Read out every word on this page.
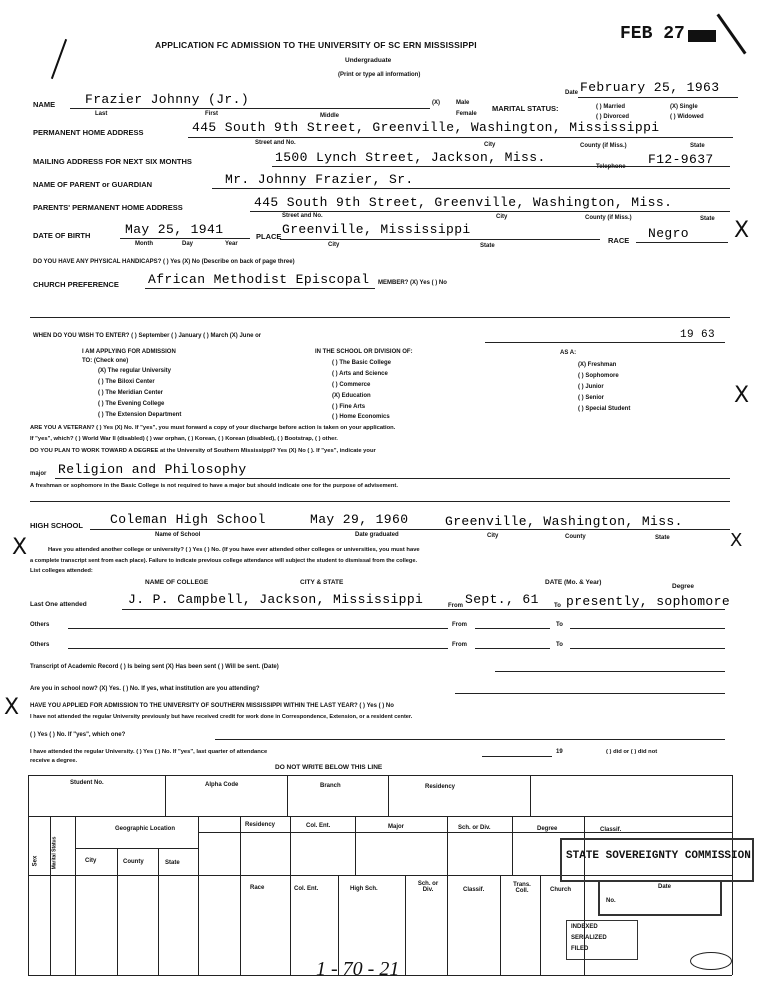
APPLICATION FC ADMISSION TO THE UNIVERSITY OF SC ERN MISSISSIPPI
Undergraduate
(Print or type all information)
FEB 27
Date February 25, 1963
NAME Frazier Johnny (Jr.)
Last	First	Middle
(X)	Male
Female
MARITAL STATUS:	( ) Married	(X) Single
( ) Divorced	( ) Widowed
PERMANENT HOME ADDRESS	445 South 9th Street, Greenville, Washington, Mississippi
Street and No.	City	County (if Miss.)	State
MAILING ADDRESS FOR NEXT SIX MONTHS	1500 Lynch Street, Jackson, Miss.
Telephone F12-9637
NAME OF PARENT or GUARDIAN	Mr. Johnny Frazier, Sr.
PARENTS' PERMANENT HOME ADDRESS	445 South 9th Street, Greenville, Washington, Miss.
Street and No.	City	County (if Miss.)	State
DATE OF BIRTH	May 25, 1941
Month	Day	Year
PLACE Greenville, Mississippi
City	State
RACE Negro X
DO YOU HAVE ANY PHYSICAL HANDICAPS? ( ) Yes (X) No (Describe on back of page three)
CHURCH PREFERENCE African Methodist Episcopal MEMBER? (X) Yes ( ) No
WHEN DO YOU WISH TO ENTER? ( ) September ( ) January ( ) March (X) June or	19 63
I AM APPLYING FOR ADMISSION
TO: (Check one)
(X) The regular University
( ) The Biloxi Center
( ) The Meridian Center
( ) The Evening College
( ) The Extension Department
IN THE SCHOOL OR DIVISION OF:
( ) The Basic College
( ) Arts and Science
( ) Commerce
(X) Education
( ) Fine Arts
( ) Home Economics
AS A:
(X) Freshman
( ) Sophomore
( ) Junior
( ) Senior
( ) Special Student
X
ARE YOU A VETERAN? ( ) Yes (X) No. If "yes", you must forward a copy of your discharge before action is taken on your application.
If "yes", which? ( ) World War II (disabled) ( ) war orphan, ( ) Korean, ( ) Korean (disabled), ( ) Bootstrap, ( ) other.
DO YOU PLAN TO WORK TOWARD A DEGREE at the University of Southern Mississippi? Yes (X) No ( ). If "yes", indicate your
major Religion and Philosophy
A freshman or sophomore in the Basic College is not required to have a major but should indicate one for the purpose of advisement.
HIGH SCHOOL Coleman High School	May 29, 1960	Greenville, Washington, Miss.
Name of School	Date graduated	City	County	State
X	X
Have you attended another college or university? ( ) Yes ( ) No. (If you have ever attended other colleges or universities, you must have
a complete transcript sent from each place). Failure to indicate previous college attendance will subject the student to dismissal from the college.
List colleges attended:
NAME OF COLLEGE	CITY & STATE	DATE (Mo. & Year)
Degree
Last One attended	J. P. Campbell, Jackson, Mississippi	From Sept., 61	To presently, sophomore
Others	From	To
Others	From	To
Transcript of Academic Record ( ) Is being sent (X) Has been sent ( ) Will be sent. (Date)
Are you in school now? (X) Yes. ( ) No. If yes, what institution are you attending?
X HAVE YOU APPLIED FOR ADMISSION TO THE UNIVERSITY OF SOUTHERN MISSISSIPPI WITHIN THE LAST YEAR? ( ) Yes ( ) No
I have not attended the regular University previously but have received credit for work done in Correspondence, Extension, or a resident center.
( ) Yes ( ) No. If "yes", which one?
I have attended the regular University. ( ) Yes ( ) No. If "yes", last quarter of attendance	19	( ) did or ( ) did not
receive a degree.
DO NOT WRITE BELOW THIS LINE
Student No.	Alpha Code	Branch	Residency
Geographic Location
Sex	Marital Status	City	County	State
Residency	Col. Ent.	Major	Sch. or Div.	Degree	Classif.
Race	Col. Ent.	High Sch.
Sch. or Div.	Classif.
Trans. Coll.	Church
STATE SOVEREIGNTY COMMISSION
Date
No.
INDEXED
SERIALIZED
FILED
1 - 70 - 21
